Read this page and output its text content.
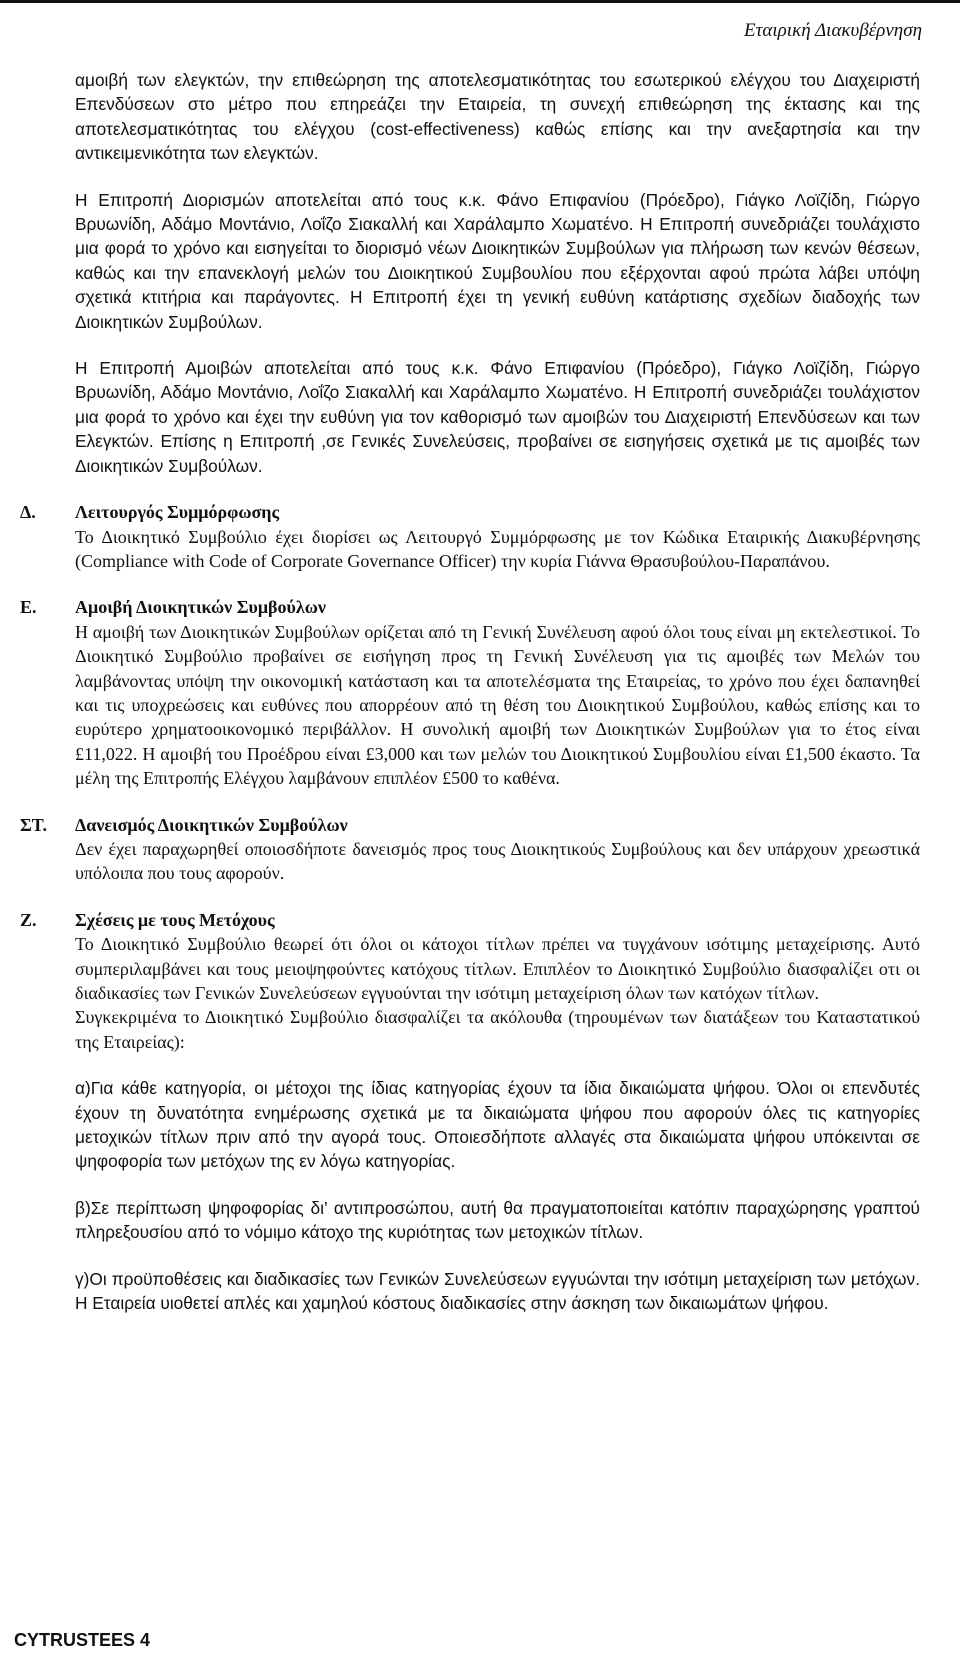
Εταιρική Διακυβέρνηση

αμοιβή των ελεγκτών, την επιθεώρηση της αποτελεσματικότητας του εσωτερικού ελέγχου του Διαχειριστή Επενδύσεων στο μέτρο που επηρεάζει την Εταιρεία, τη συνεχή επιθεώρηση της έκτασης και της αποτελεσματικότητας του ελέγχου (cost-effectiveness) καθώς επίσης και την ανεξαρτησία και την αντικειμενικότητα των ελεγκτών.

Η Επιτροπή Διορισμών αποτελείται από τους κ.κ. Φάνο Επιφανίου (Πρόεδρο), Γιάγκο Λοϊζίδη, Γιώργο Βρυωνίδη, Αδάμο Μοντάνιο, Λοΐζο Σιακαλλή και Χαράλαμπο Χωματένο. Η Επιτροπή συνεδριάζει τουλάχιστο μια φορά το χρόνο και εισηγείται το διορισμό νέων Διοικητικών Συμβούλων για πλήρωση των κενών θέσεων, καθώς και την επανεκλογή μελών του Διοικητικού Συμβουλίου που εξέρχονται αφού πρώτα λάβει υπόψη σχετικά κτιτήρια και παράγοντες. Η Επιτροπή έχει τη γενική ευθύνη κατάρτισης σχεδίων διαδοχής των Διοικητικών Συμβούλων.

Η Επιτροπή Αμοιβών αποτελείται από τους κ.κ. Φάνο Επιφανίου (Πρόεδρο), Γιάγκο Λοϊζίδη, Γιώργο Βρυωνίδη, Αδάμο Μοντάνιο, Λοΐζο Σιακαλλή και Χαράλαμπο Χωματένο. Η Επιτροπή συνεδριάζει τουλάχιστον μια φορά το χρόνο και έχει την ευθύνη για τον καθορισμό των αμοιβών του Διαχειριστή Επενδύσεων και των Ελεγκτών. Επίσης η Επιτροπή ,σε Γενικές Συνελεύσεις, προβαίνει σε εισηγήσεις σχετικά με τις αμοιβές των Διοικητικών Συμβούλων.

Δ.	Λειτουργός Συμμόρφωσης

Το Διοικητικό Συμβούλιο έχει διορίσει ως Λειτουργό Συμμόρφωσης με τον Κώδικα Εταιρικής Διακυβέρνησης (Compliance with Code of Corporate Governance Officer) την κυρία Γιάννα Θρασυβούλου-Παραπάνου.

Ε.	Αμοιβή Διοικητικών Συμβούλων

Η αμοιβή των Διοικητικών Συμβούλων ορίζεται από τη Γενική Συνέλευση αφού όλοι τους είναι μη εκτελεστικοί. Το Διοικητικό Συμβούλιο προβαίνει σε εισήγηση προς τη Γενική Συνέλευση για τις αμοιβές των Μελών του λαμβάνοντας υπόψη την οικονομική κατάσταση και τα αποτελέσματα της Εταιρείας, το χρόνο που έχει δαπανηθεί και τις υποχρεώσεις και ευθύνες που απορρέουν από τη θέση του Διοικητικού Συμβούλου, καθώς επίσης και το ευρύτερο χρηματοοικονομικό περιβάλλον. Η συνολική αμοιβή των Διοικητικών Συμβούλων για το έτος είναι £11,022. Η αμοιβή του Προέδρου είναι £3,000 και των μελών του Διοικητικού Συμβουλίου είναι £1,500 έκαστο. Τα μέλη της Επιτροπής Ελέγχου λαμβάνουν επιπλέον £500 το καθένα.

ΣΤ.	Δανεισμός Διοικητικών Συμβούλων

Δεν έχει παραχωρηθεί οποιοσδήποτε δανεισμός προς τους Διοικητικούς Συμβούλους και δεν υπάρχουν χρεωστικά υπόλοιπα που τους αφορούν.

Ζ.	Σχέσεις με τους Μετόχους

Το Διοικητικό Συμβούλιο θεωρεί ότι όλοι οι κάτοχοι τίτλων πρέπει να τυγχάνουν ισότιμης μεταχείρισης. Αυτό συμπεριλαμβάνει και τους μειοψηφούντες κατόχους τίτλων. Επιπλέον το Διοικητικό Συμβούλιο διασφαλίζει οτι οι διαδικασίες των Γενικών Συνελεύσεων εγγυούνται την ισότιμη μεταχείριση όλων των κατόχων τίτλων.

Συγκεκριμένα το Διοικητικό Συμβούλιο διασφαλίζει τα ακόλουθα (τηρουμένων των διατάξεων του Καταστατικού της Εταιρείας):

α)Για κάθε κατηγορία, οι μέτοχοι της ίδιας κατηγορίας έχουν τα ίδια δικαιώματα ψήφου. Όλοι οι επενδυτές έχουν τη δυνατότητα ενημέρωσης σχετικά με τα δικαιώματα ψήφου που αφορούν όλες τις κατηγορίες μετοχικών τίτλων πριν από την αγορά τους. Οποιεσδήποτε αλλαγές στα δικαιώματα ψήφου υπόκεινται σε ψηφοφορία των μετόχων της εν λόγω κατηγορίας.

β)Σε περίπτωση ψηφοφορίας δι’ αντιπροσώπου, αυτή θα πραγματοποιείται κατόπιν παραχώρησης γραπτού πληρεξουσίου από το νόμιμο κάτοχο της κυριότητας των μετοχικών τίτλων.

γ)Οι προϋποθέσεις και διαδικασίες των Γενικών Συνελεύσεων εγγυώνται την ισότιμη μεταχείριση των μετόχων. Η Εταιρεία υιοθετεί απλές και χαμηλού κόστους διαδικασίες στην άσκηση των δικαιωμάτων ψήφου.

CYTRUSTEES 4
